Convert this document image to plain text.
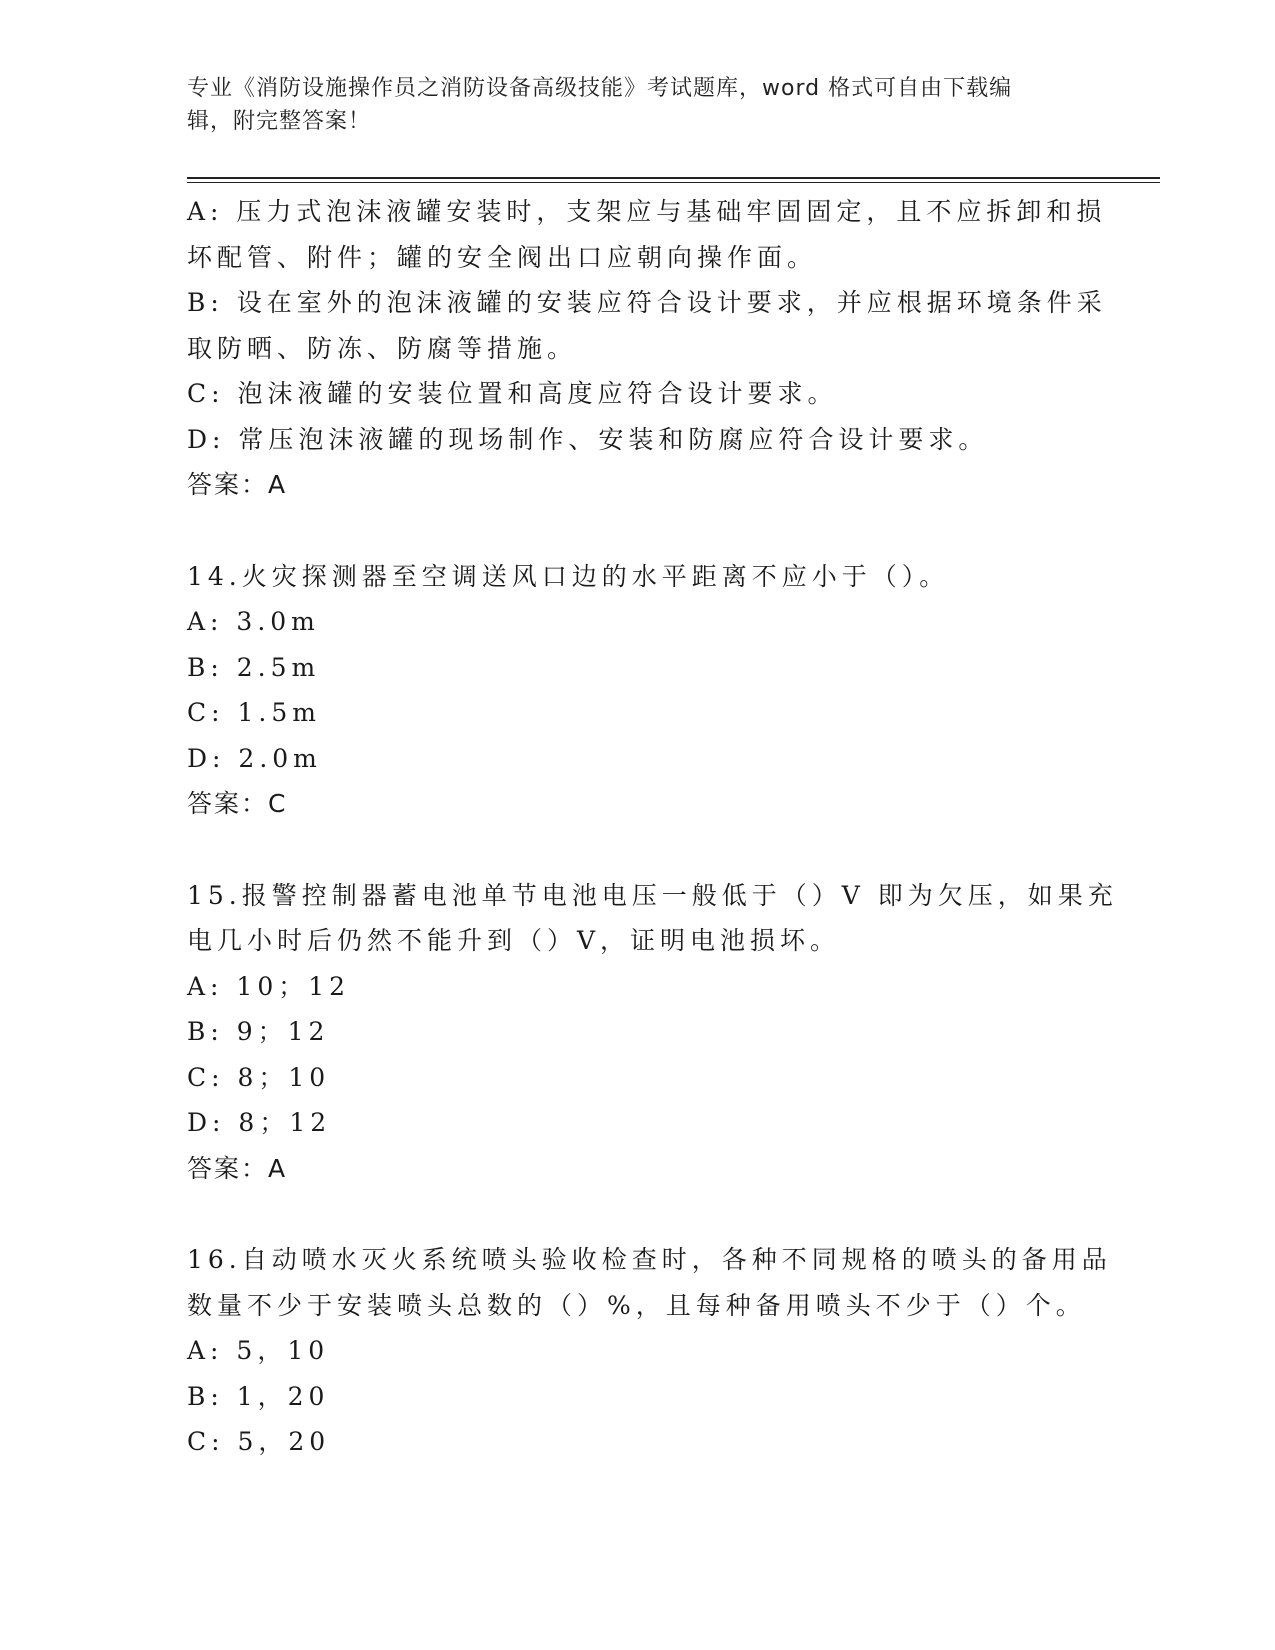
专业《消防设施操作员之消防设备高级技能》考试题库，word 格式可自由下载编
辑，附完整答案！
A: 压力式泡沫液罐安装时，支架应与基础牢固固定，且不应拆卸和损
坏配管、附件；罐的安全阀出口应朝向操作面。
B: 设在室外的泡沫液罐的安装应符合设计要求，并应根据环境条件采
取防晒、防冻、防腐等措施。
C: 泡沫液罐的安装位置和高度应符合设计要求。
D: 常压泡沫液罐的现场制作、安装和防腐应符合设计要求。
答案：A
14.火灾探测器至空调送风口边的水平距离不应小于（）。
A: 3.0m
B: 2.5m
C: 1.5m
D: 2.0m
答案：C
15.报警控制器蓄电池单节电池电压一般低于（）V 即为欠压，如果充
电几小时后仍然不能升到（）V，证明电池损坏。
A: 10；12
B: 9；12
C: 8；10
D: 8；12
答案：A
16.自动喷水灭火系统喷头验收检查时，各种不同规格的喷头的备用品
数量不少于安装喷头总数的（）%，且每种备用喷头不少于（）个。
A: 5，10
B: 1，20
C: 5，20
